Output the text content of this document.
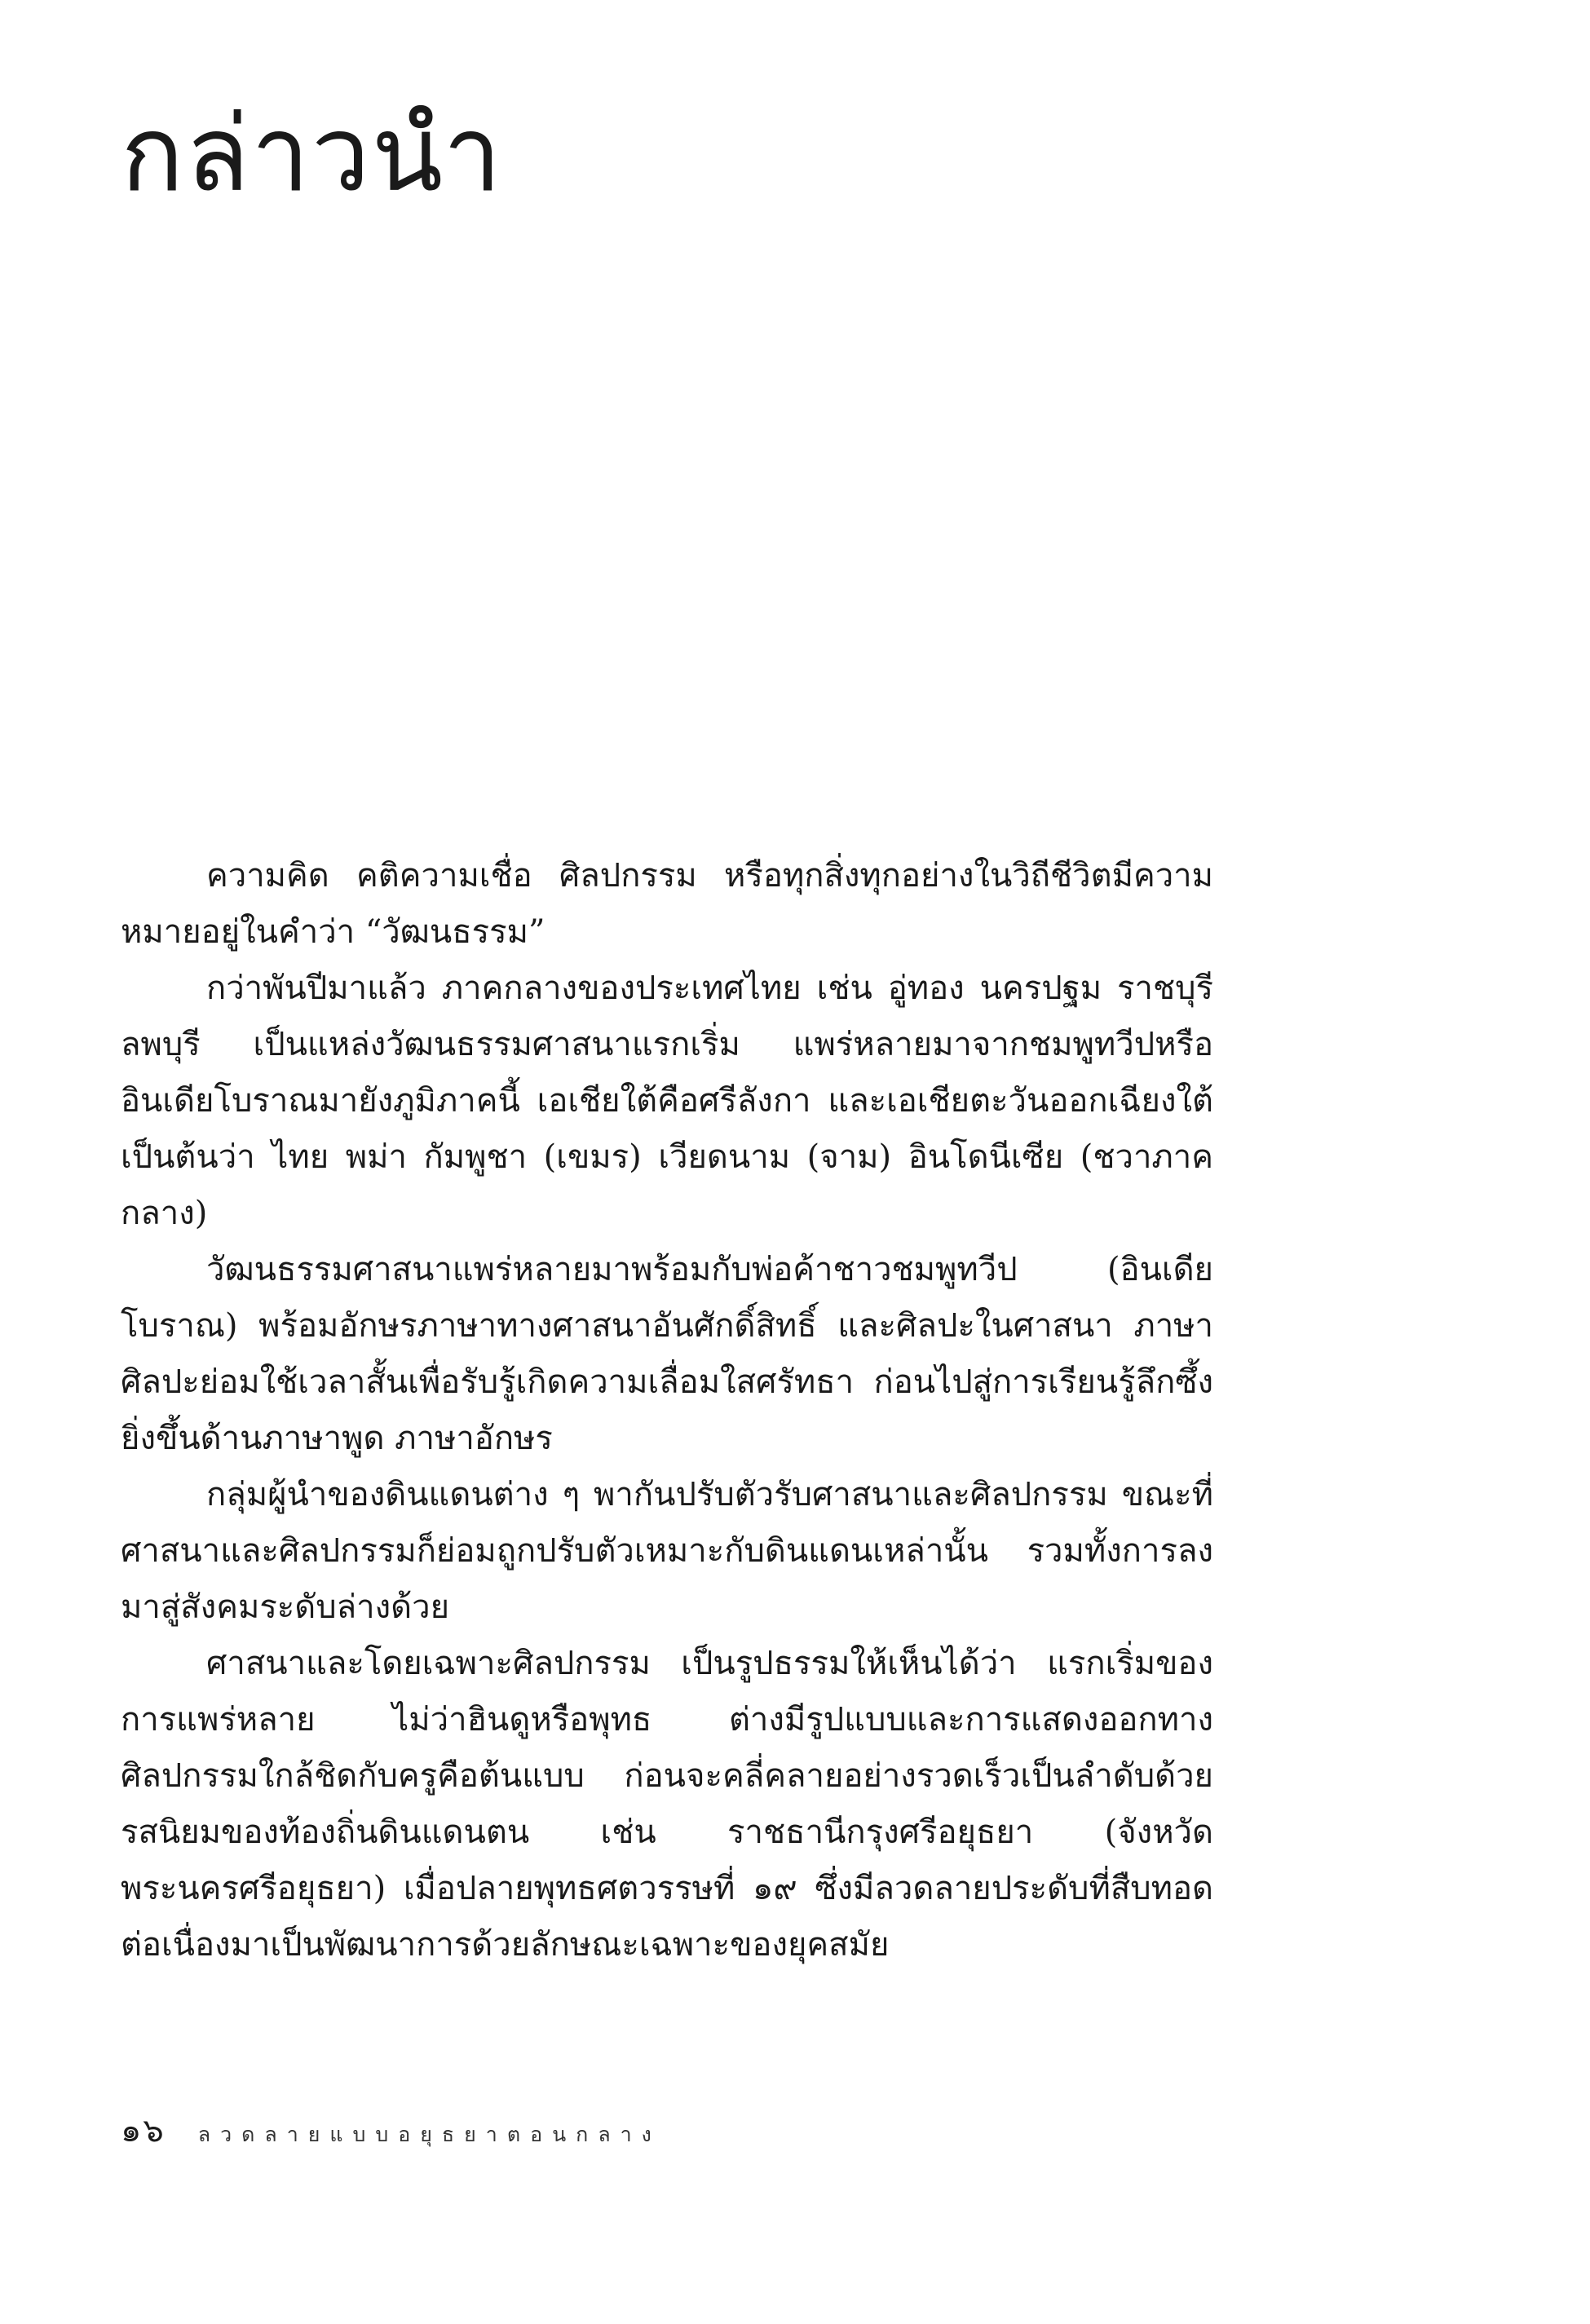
กล่าวนำ

ความคิด คติความเชื่อ ศิลปกรรม หรือทุกสิ่งทุกอย่างในวิถีชีวิตมีความหมายอยู่ในคำว่า “วัฒนธรรม”

กว่าพันปีมาแล้ว ภาคกลางของประเทศไทย เช่น อู่ทอง นครปฐม ราชบุรี ลพบุรี เป็นแหล่งวัฒนธรรมศาสนาแรกเริ่ม แพร่หลายมาจากชมพูทวีปหรืออินเดียโบราณมายังภูมิภาคนี้ เอเชียใต้คือศรีลังกา และเอเชียตะวันออกเฉียงใต้ เป็นต้นว่า ไทย พม่า กัมพูชา (เขมร) เวียดนาม (จาม) อินโดนีเซีย (ชวาภาคกลาง)

วัฒนธรรมศาสนาแพร่หลายมาพร้อมกับพ่อค้าชาวชมพูทวีป (อินเดียโบราณ) พร้อมอักษรภาษาทางศาสนาอันศักดิ์สิทธิ์ และศิลปะในศาสนา ภาษาศิลปะย่อมใช้เวลาสั้นเพื่อรับรู้เกิดความเลื่อมใสศรัทธา ก่อนไปสู่การเรียนรู้ลึกซึ้งยิ่งขึ้นด้านภาษาพูด ภาษาอักษร

กลุ่มผู้นำของดินแดนต่าง ๆ พากันปรับตัวรับศาสนาและศิลปกรรม ขณะที่ศาสนาและศิลปกรรมก็ย่อมถูกปรับตัวเหมาะกับดินแดนเหล่านั้น รวมทั้งการลงมาสู่สังคมระดับล่างด้วย

ศาสนาและโดยเฉพาะศิลปกรรม เป็นรูปธรรมให้เห็นได้ว่า แรกเริ่มของการแพร่หลาย ไม่ว่าฮินดูหรือพุทธ ต่างมีรูปแบบและการแสดงออกทางศิลปกรรมใกล้ชิดกับครูคือต้นแบบ ก่อนจะคลี่คลายอย่างรวดเร็วเป็นลำดับด้วยรสนิยมของท้องถิ่นดินแดนตน เช่น ราชธานีกรุงศรีอยุธยา (จังหวัดพระนครศรีอยุธยา) เมื่อปลายพุทธศตวรรษที่ ๑๙ ซึ่งมีลวดลายประดับที่สืบทอดต่อเนื่องมาเป็นพัฒนาการด้วยลักษณะเฉพาะของยุคสมัย

๑๖ ลวดลายแบบอยุธยาตอนกลาง
